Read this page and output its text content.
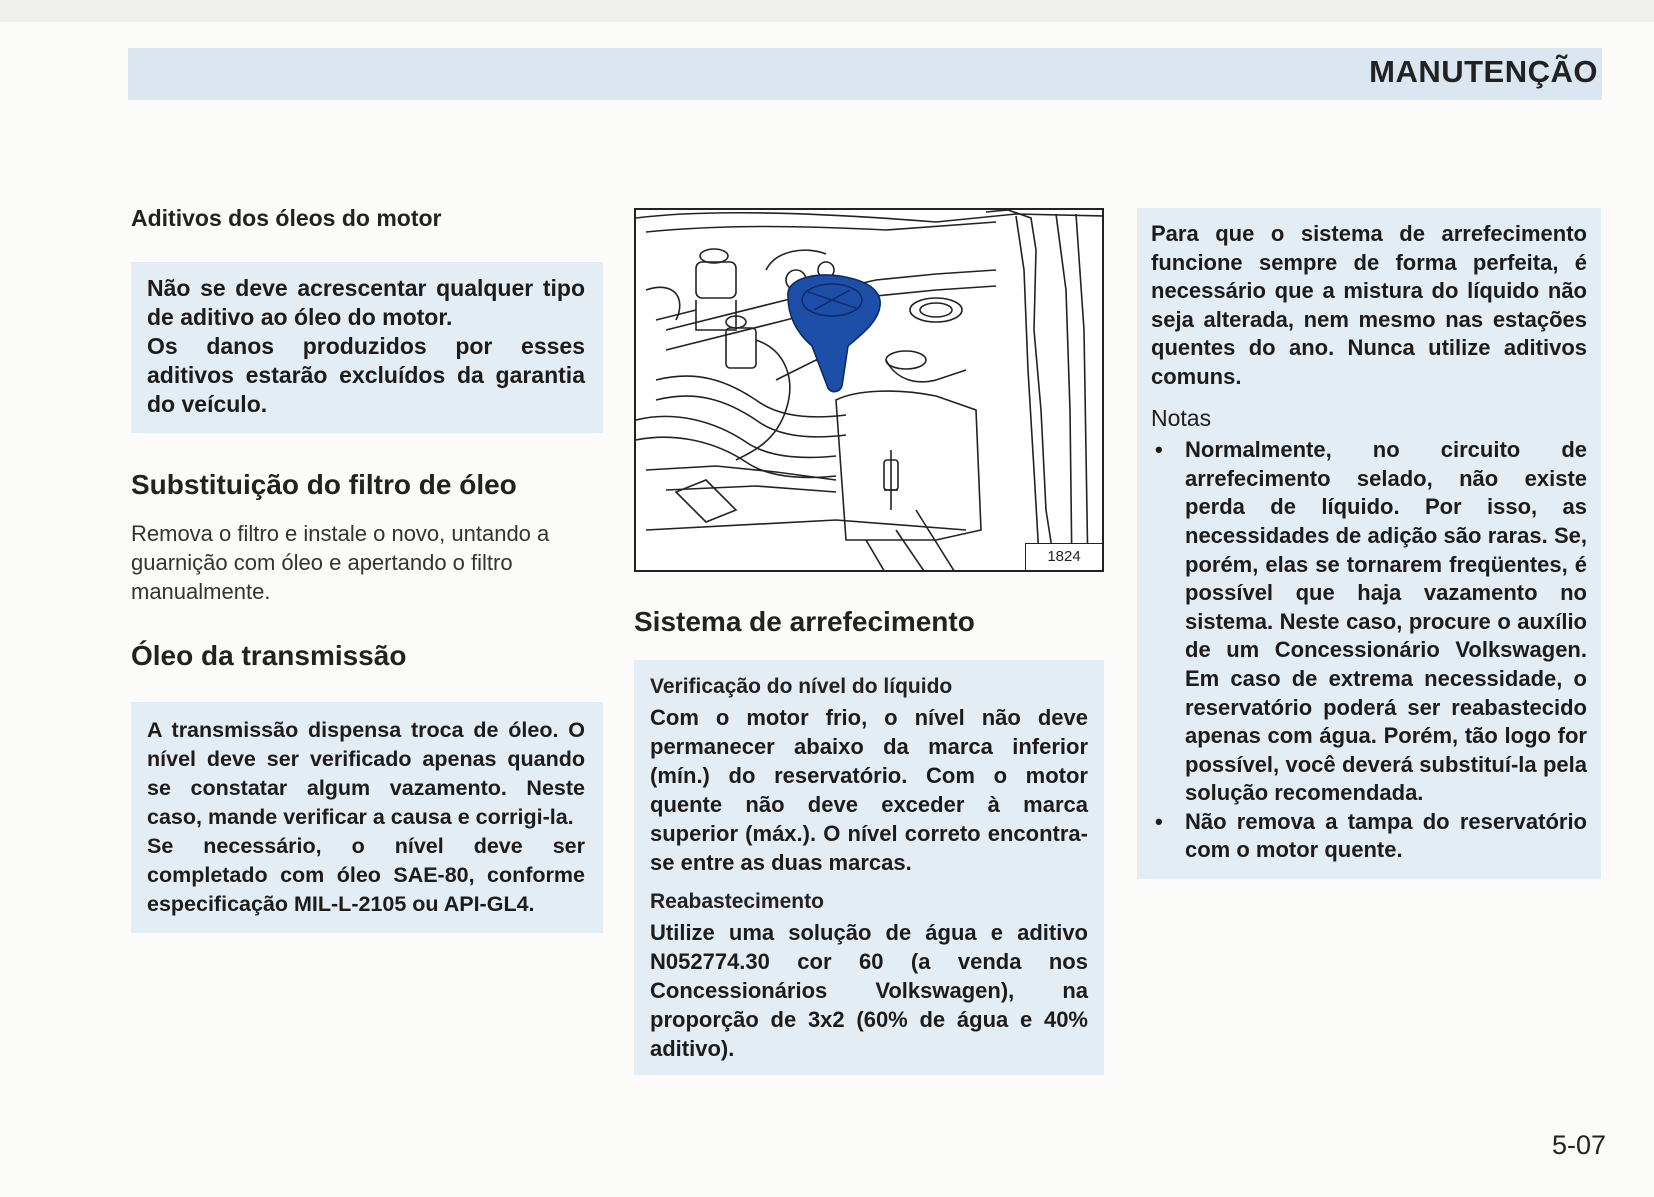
MANUTENÇÃO
Aditivos dos óleos do motor

Não se deve acrescentar qualquer tipo de aditivo ao óleo do motor.

Os danos produzidos por esses aditivos estarão excluídos da garantia do veículo.

Substituição do filtro de óleo
Remova o filtro e instale o novo, untando a guarnição com óleo e apertando o filtro manualmente.
Óleo da transmissão

A transmissão dispensa troca de óleo. O nível deve ser verificado apenas quando se constatar algum vazamento. Neste caso, mande verificar a causa e corrigi-la.

Se necessário, o nível deve ser completado com óleo SAE-80, conforme especificação MIL-L-2105 ou API-GL4.

1824
Sistema de arrefecimento

Verificação do nível do líquido

Com o motor frio, o nível não deve permanecer abaixo da marca inferior (mín.) do reservatório. Com o motor quente não deve exceder à marca superior (máx.). O nível correto encontra-se entre as duas marcas.

Reabastecimento

Utilize uma solução de água e aditivo N052774.30 cor 60 (a venda nos Concessionários Volkswagen), na proporção de 3x2 (60% de água e 40% aditivo).

Para que o sistema de arrefecimento funcione sempre de forma perfeita, é necessário que a mistura do líquido não seja alterada, nem mesmo nas estações quentes do ano. Nunca utilize aditivos comuns.

Notas

• Normalmente, no circuito de arrefecimento selado, não existe perda de líquido. Por isso, as necessidades de adição são raras. Se, porém, elas se tornarem freqüentes, é possível que haja vazamento no sistema. Neste caso, procure o auxílio de um Concessionário Volkswagen. Em caso de extrema necessidade, o reservatório poderá ser reabastecido apenas com água. Porém, tão logo for possível, você deverá substituí-la pela solução recomendada.
• Não remova a tampa do reservatório com o motor quente.
5-07
